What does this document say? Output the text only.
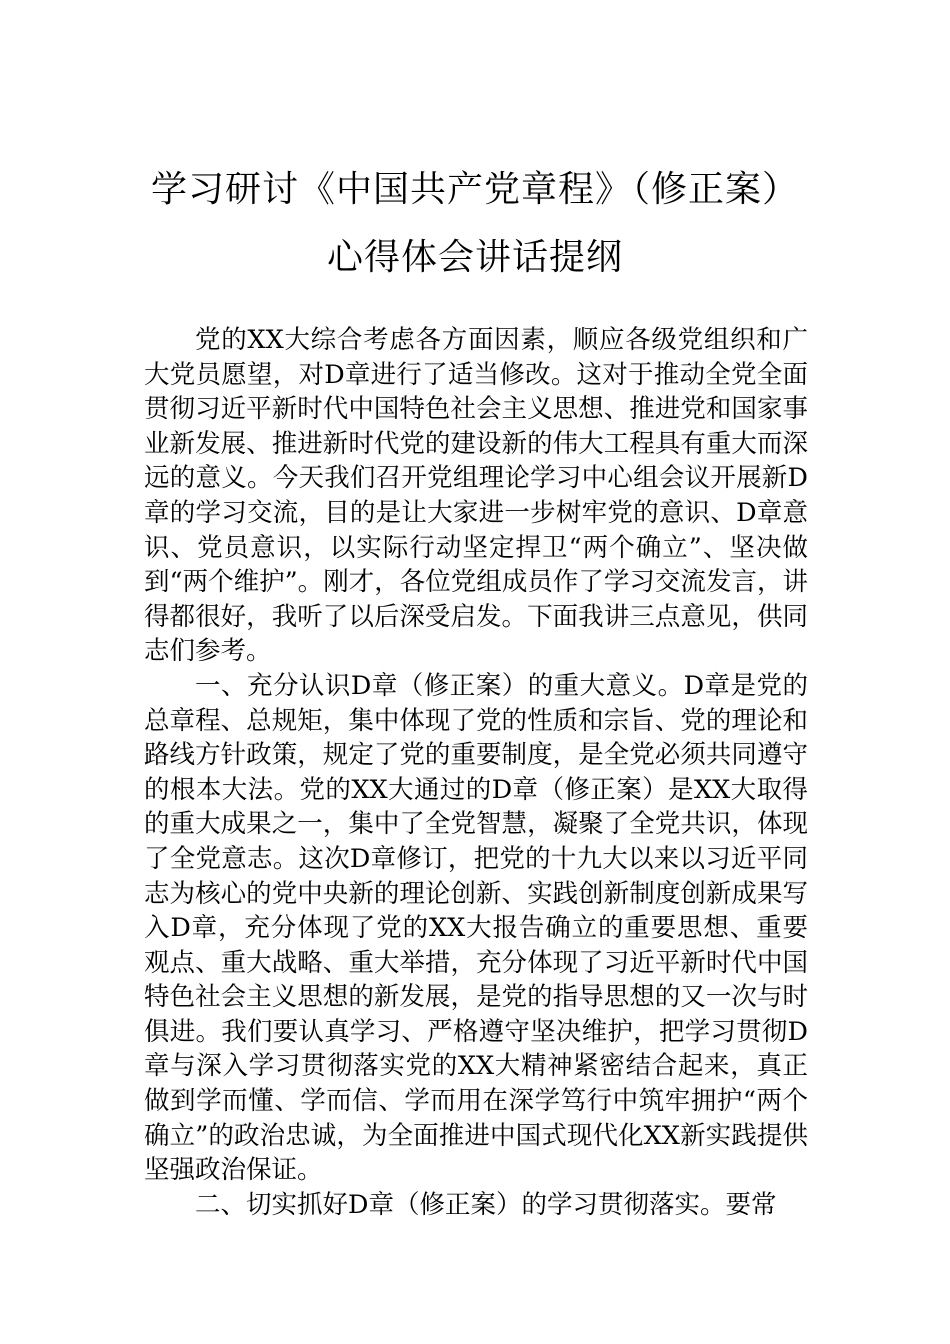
学习研讨《中国共产党章程》（修正案）
心得体会讲话提纲

党的XX大综合考虑各方面因素，顺应各级党组织和广大党员愿望，对D章进行了适当修改。这对于推动全党全面贯彻习近平新时代中国特色社会主义思想、推进党和国家事业新发展、推进新时代党的建设新的伟大工程具有重大而深远的意义。今天我们召开党组理论学习中心组会议开展新D章的学习交流，目的是让大家进一步树牢党的意识、D章意识、党员意识，以实际行动坚定捍卫“两个确立”、坚决做到“两个维护”。刚才，各位党组成员作了学习交流发言，讲得都很好，我听了以后深受启发。下面我讲三点意见，供同志们参考。

一、充分认识D章（修正案）的重大意义。D章是党的总章程、总规矩，集中体现了党的性质和宗旨、党的理论和路线方针政策，规定了党的重要制度，是全党必须共同遵守的根本大法。党的XX大通过的D章（修正案）是XX大取得的重大成果之一，集中了全党智慧，凝聚了全党共识，体现了全党意志。这次D章修订，把党的十九大以来以习近平同志为核心的党中央新的理论创新、实践创新制度创新成果写入D章，充分体现了党的XX大报告确立的重要思想、重要观点、重大战略、重大举措，充分体现了习近平新时代中国特色社会主义思想的新发展，是党的指导思想的又一次与时俱进。我们要认真学习、严格遵守坚决维护，把学习贯彻D章与深入学习贯彻落实党的XX大精神紧密结合起来，真正做到学而懂、学而信、学而用在深学笃行中筑牢拥护“两个确立”的政治忠诚，为全面推进中国式现代化XX新实践提供坚强政治保证。

二、切实抓好D章（修正案）的学习贯彻落实。要常
